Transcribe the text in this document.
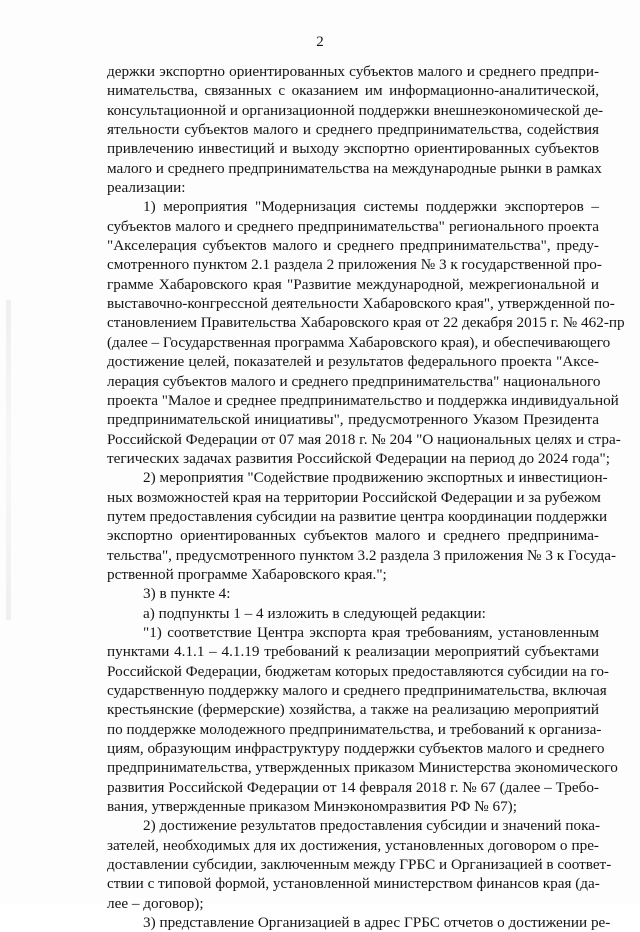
2
держки экспортно ориентированных субъектов малого и среднего предпри-
нимательства, связанных с оказанием им информационно-аналитической,
консультационной и организационной поддержки внешнеэкономической де-
ятельности субъектов малого и среднего предпринимательства, содействия
привлечению инвестиций и выходу экспортно ориентированных субъектов
малого и среднего предпринимательства на международные рынки в рамках
реализации:
1) мероприятия "Модернизация системы поддержки экспортеров –
субъектов малого и среднего предпринимательства" регионального проекта
"Акселерация субъектов малого и среднего предпринимательства", преду-
смотренного пунктом 2.1 раздела 2 приложения № 3 к государственной про-
грамме Хабаровского края "Развитие международной, межрегиональной и
выставочно-конгрессной деятельности Хабаровского края", утвержденной по-
становлением Правительства Хабаровского края от 22 декабря 2015 г. № 462-пр
(далее – Государственная программа Хабаровского края), и обеспечивающего
достижение целей, показателей и результатов федерального проекта "Аксе-
лерация субъектов малого и среднего предпринимательства" национального
проекта "Малое и среднее предпринимательство и поддержка индивидуальной
предпринимательской инициативы", предусмотренного Указом Президента
Российской Федерации от 07 мая 2018 г. № 204 "О национальных целях и стра-
тегических задачах развития Российской Федерации на период до 2024 года";
2) мероприятия "Содействие продвижению экспортных и инвестицион-
ных возможностей края на территории Российской Федерации и за рубежом
путем предоставления субсидии на развитие центра координации поддержки
экспортно ориентированных субъектов малого и среднего предпринима-
тельства", предусмотренного пунктом 3.2 раздела 3 приложения № 3 к Госуда-
рственной программе Хабаровского края.";
3) в пункте 4:
а) подпункты 1 – 4 изложить в следующей редакции:
"1) соответствие Центра экспорта края требованиям, установленным
пунктами 4.1.1 – 4.1.19 требований к реализации мероприятий субъектами
Российской Федерации, бюджетам которых предоставляются субсидии на го-
сударственную поддержку малого и среднего предпринимательства, включая
крестьянские (фермерские) хозяйства, а также на реализацию мероприятий
по поддержке молодежного предпринимательства, и требований к организа-
циям, образующим инфраструктуру поддержки субъектов малого и среднего
предпринимательства, утвержденных приказом Министерства экономического
развития Российской Федерации от 14 февраля 2018 г. № 67 (далее – Требо-
вания, утвержденные приказом Минэкономразвития РФ № 67);
2) достижение результатов предоставления субсидии и значений пока-
зателей, необходимых для их достижения, установленных договором о пре-
доставлении субсидии, заключенным между ГРБС и Организацией в соответ-
ствии с типовой формой, установленной министерством финансов края (да-
лее – договор);
3) представление Организацией в адрес ГРБС отчетов о достижении ре-
